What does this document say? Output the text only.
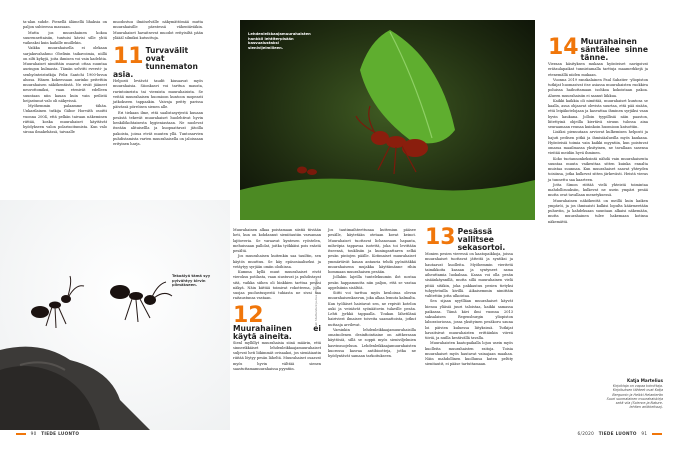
ta-alan suhde. Pienellä älämellä lihaksia on paljon suhteessa massaan.

Mutta jos muurahainen kokoa suurennettaisiin, tuntuisi kävisi sille yhtä vaikeaksi kuin kaikille muillekin.

Vaikka muurahaisella ei olekaan sarjakuvahahmo Obelixin taikavoimia, niillä on silti kykyjä, joita ihmisen voi vain kadehtia. Muurahaiset nimittäin osaavat ottaa suuntaa auringon kulmasta. Tämän selvitti eversti- ja senhyönteistutkija Felix Santchi 1900-luvun alussa. Hänen kokeessaan aurinko peitettiin muurahaisen näkökentästä. Ne eivät jääneet neuvottomiksi, vaan etenivät edelleen suuntaan niin kauan kuin vain peilistä heijastunut valo oli näkyvissä.

Myöhemmin palaamme tähän. Unkarilainen tutkija Gábor Horváth osoitti vuonna 2004, että pelkän taivaan näkeminen riittää, koska muurahaiset käyttävät hyödykseen valon polarisoitumista. Kun valo siroaa ilmakehässä, taivaalle

muodostuu ilmiöselvälle näkymättömää mutta muurahaisille päestessä vähentäviäkin. Muurahaiset havaitsevat muodot erityisiltä pään yläääl silmiksi kutsuttuja.

11 Turvavälit ovat tunnematon asia.

Helposti leviävät taudit kiusaavat myös muurahaisia. Siionkasvi voi tarttua mausta, ravintoineista tai vieraista muurahaisista. Se veitää muurahaisen huomioon kuntoon mopeasti jatkokseen tappaakin. Vaivaja peitty parissa päivässä pörröisen sienen alle.

Eri tiekaan ilme, että saalistasyrjestä kuuaan pesästä tekevät muurahaiset huolehtivat hyvin henkilökohtaisesta hygieniastaan. Ne nuolevat itseään alituisellla ja kuopuattavat jätoilla pakoista, joissa etvät muuten yllä. Tuntosarvien puhdistamista varten muurahaisella on jaloissaan erityinen harja.

Tekoälyä tämä syy pylvähtyy kirvin plimäkseen.

Muurahainen alkaa poistamaan siistiä tiiviään heti, kun on kohdannut sieniitautiin varsaman lajitoveria. Se varaavat kyntesen ryöstelen, mehuissaan pallolat, joitka työkkäisi pois esästä pesältä.

Jos muurahaisen kuitenkin saa tauiltin, sen käytös muuttuu. Se käy epäsosiaaliseksi ja vetäytyy syrjään omiin oloihinsa.

Kumma kyllä muut muurahaiset eivät vieroksu potilasta, vaan siustuvat ja puhdistavat sitä, vaikka siihen oli hinkkien tarttua pesäsi näkyä. Näin kiittää toimivat rokotteena, jolla suojaa puolustuspestä tuhiasta ne sivai saa raitaustunsa vastaan.

12
Muurahaiinen ei käytä aineita.

Sienl myllillyt muurahaisia siinä määrin, että sinnerikkäiset lehdenleikkaajamuurahaiset suljevat heti liikimmät ovisaakoi, jos sieniäiautin riiitää löytyy pesän läheltä. Muurahaiset osaavat myös hyvin välttää sienen saastuttamamuurahaissa pyyntiin.

Kuvat: Shutterstock ja Alex Wild / Imago

Jos tautimaihteettunaa kutteniun pääsee pesälle, käytetään otetaan kovat keinot. Muurahaiset tuottavat lichanosaan hapanta, mihvöpia tappavaa isotettä, joka toi levittään itseensä, touklisiin ja kuninganttaren selkä pesän pintojen päälle. Kotimaiset muurahaiset ymmärtävät kauan antauria tehdä pyönötäkkä muurahaisenn mujakka käyttämänne rihin hommaan muurahaisen pesään.

Jollakin lajeilla tuntelekuumin ilot nostaa pesän happamuutta niin paljon, että se vastaa appelsiinin sisältöä.

Siitti voi tarttua myös keuloissa olevan muurahaisenkasvun, joka alkaa lemuta kalmalta. Kun työläiset haistavat sen, ne repivät kotelon auki ja veisiävät syönäätovin tulaville pesän. Lehti jyrkkä tappaalla. Toukan lähetilänä hairiviest ilmaisee toiveita saamattoista, jotkut nuttaaja arvilevat.

Varsinkin lehdenleikkaajamuurahaisilla omatnolenen desinfiointiaine on aittkerasan käyttösiä, sillä se soppii myös sieniviljelmien kasvinsuojeluun. Lehdenleikkaajamuurahaisten kuorossa kasvaa antibiootteja, jotka ne hyödyntävät samaan tarkoitukseen.

Lehdenleikkaajamuurahaisten hankkii lehtiterpisään kasvualustaksi sienivljelmilleen.
13 Pesässä vallitsee sekasortoi.

Monien pesien vieressä on kaatopaikkoja, joissa muurahaiset tuottavat jätteitä ja syntiksi ja hautaavat kuolleita. Myöhemmin vieritetä taimikkoita kasaan ja syntyneet sama aiheuttamia luokalnaa. Kasaa voi olla pesän sisäänkäynnillä, mutta sillä muurahainen vielä pitää sitäkin, joka pakkautuu pesien tietyksi tuhyytetuilla kivillä. Aikaisemmin nimittäin valitettiin jotta ulkoistaa.

Sen sijaan nyytlläan muurahaiset käyvät hienoa yläisiä juuri taloistaa, kaikki samassa paikassa. Tämä kävi ilmi vuonna 2013 saksalaisen Regensburgin yliopiston laboratoriossa, jossa yksityinen pesäkoru sauna loi päivien kuluessa liityksissä. Tutkijat havaitsivat muurahaisten erittäinkin viiveä tiiviä, ja nuilla kestävällä tavalla.

Muurahaisten kaatopaikalla lojuu usein myös kuolleita muurahaisten raitoja. Toisia muurahaiset myös hautavat vainajaan maahan. Näin mahdollinen kuollunsa kuten peltity sienitautit, ei pääse tartuttamaan.

14 Muurahainen säntäilee sinne tänne.

Vieraan käsityksen mukaan hyönteiset navigoivat erätaulapaikat tunnistamalla tarttuja maamerkkejä ja etenemällä niiden mukaan.

Vuonna 2019 ranskalainen Paul Sabatier -yliopiston tutkijat huomasivat itse asiassa muurahaisten ruokkiva poluissa haihuttamaan isohkoa kokoistaan pakoa. Alueen muurahaisiin ei saanut liikkua.

Kaikki kaikkia oli nimittää, muurahaiset kuntosa se kaalla, asua ohjaavat olevista suurtaa, että pää sisään, että leipäkotelojaan ja kasvattaa ihminen syrjäksi vaan hyvin kaukana. Jolloin tyypillisiä näin paaston, liitettyinä ohjeilla kiertävä sivuun tulossa aina seuraamaan reunaa kuinkoin huomioon katsottiin.

Lisäksi pienuutaan arviovat kulkemisen helposti ja hajuti pedisen pitkä ja ihmisiäalueilla myös kaukana. Hyönteisiä toimia vain kaikki myyntiin, kun poistuvat omassa maailmassa yksityinen, ne tavallaan sasensa vieitää meidän hyvä ihminen.

Koko tuotannonkeksintä nähdä vain muurahaisenta suuntaa muuta vaikeuttaa sitten kuinka ennalta muistaa suunnan. Kun muurahaiset saavat yhteyden toisiinsa, jotka kulkevat sitten järkevästi. Heistä vieras ja tunnettu saa kaarteen.

Jotta Simon riittää vielä yhteistä toimintaa mahdollisuuksiin, kulkevat ne usein ympäri pesää mutta ovat tavallaan menetyksessä.

Muurahainen näkökenttä on meillä kuin kaiken ympäröi, ja jos ihmisaisti kulkisi lopulta käärmeetään puhuviin, ja kahdeksaan suuntaan alkaisi näkemään, mutta muurahainen tulee hakemaan kotinsa näkemättä.

Katja Martelius
Kirjoittaja on vapaa toimittaja. Kirjoituksen tähteet ovat Katja Bergumin ja Heikki Helanterän Suuri suomalainen muurahaiskirja sekä viia (Science-ja Nature-lehtien artikkelissa).
90 TIEDE LUONTO	6/2020 TIEDE LUONTO 91
